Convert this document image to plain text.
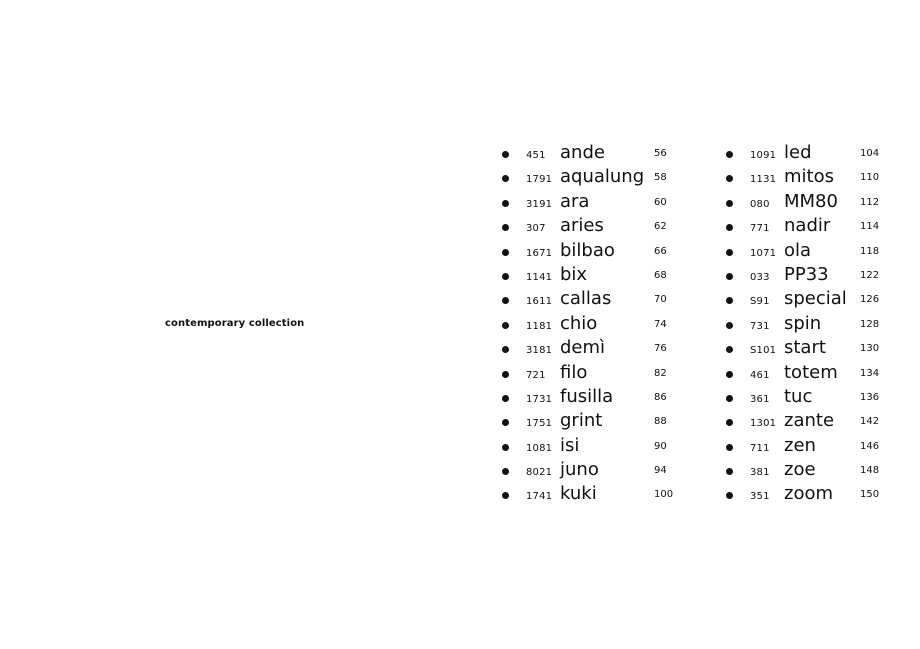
contemporary collection
451 ande	56
1791 aqualung 58
3191 ara	60
307 aries	62
1671 bilbao	66
1141 bix	68
1611 callas	70
1181 chio	74
3181 demì	76
721 filo	82
1731 fusilla	86
1751 grint	88
1081 isi	90
8021 juno	94
1741 kuki	100
1091 led	104
1131 mitos	110
080 MM80 112
771 nadir	114
1071 ola	118
033 PP33	122
S91 special 126
731 spin	128
S101 start	130
461 totem 134
361 tuc	136
1301 zante	142
711 zen	146
381 zoe	148
351 zoom	150
